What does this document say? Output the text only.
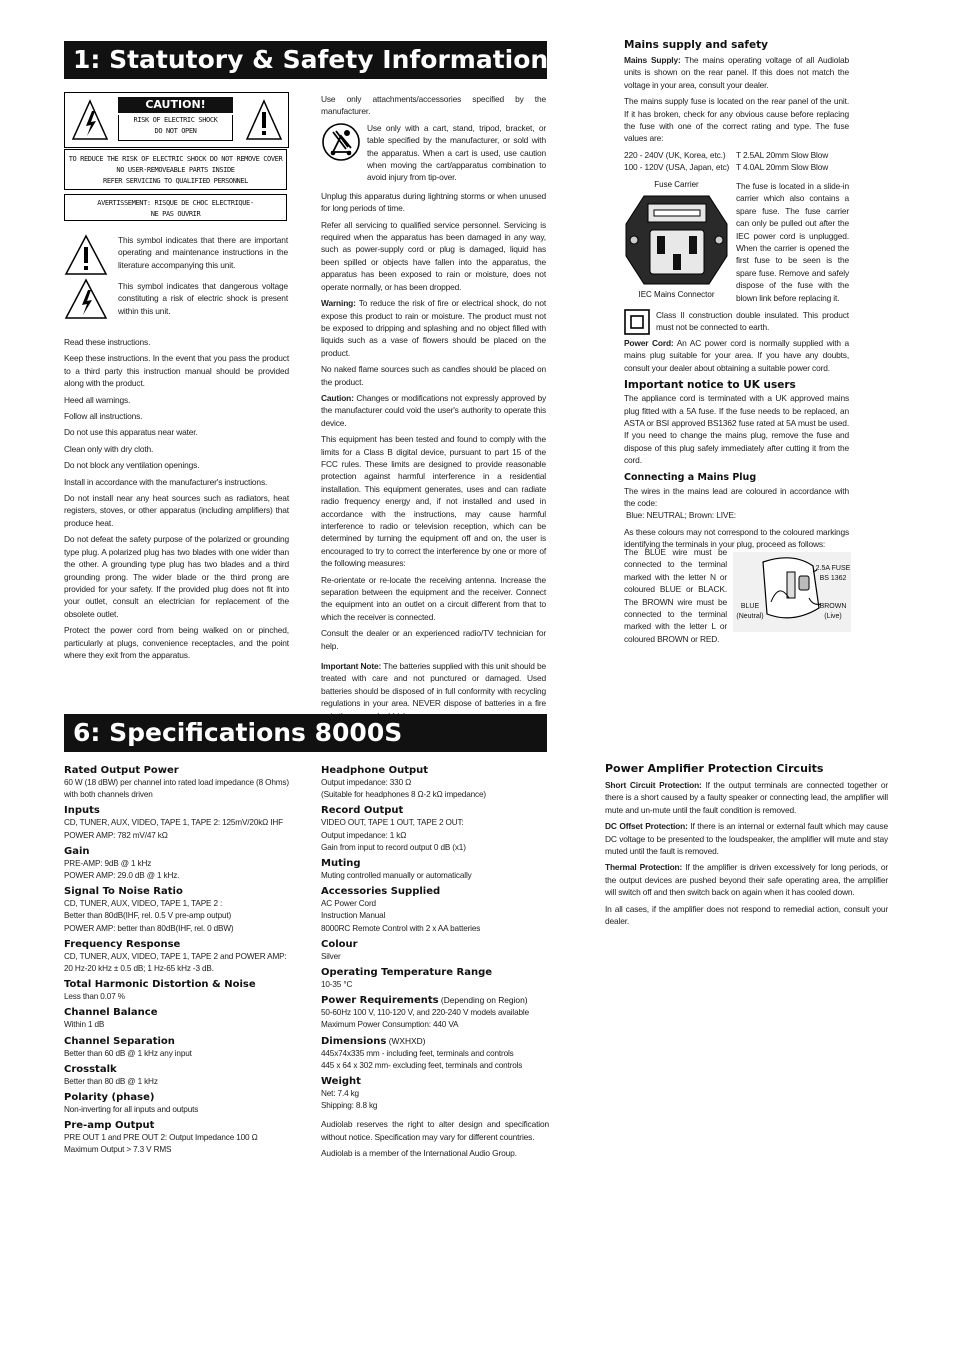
1: Statutory & Safety Information
CAUTION!
RISK OF ELECTRIC SHOCK
DO NOT OPEN
TO REDUCE THE RISK OF ELECTRIC SHOCK DO NOT REMOVE COVER
NO USER-REMOVEABLE PARTS INSIDE
REFER SERVICING TO QUALIFIED PERSONNEL
AVERTISSEMENT: RISQUE DE CHOC ELECTRIQUE-
NE PAS OUVRIR

This symbol indicates that there are important operating and maintenance instructions in the literature accompanying this unit.

This symbol indicates that dangerous voltage constituting a risk of electric shock is present within this unit.

Read these instructions.

Keep these instructions. In the event that you pass the product to a third party this instruction manual should be provided along with the product.

Heed all warnings.

Follow all instructions.

Do not use this apparatus near water.

Clean only with dry cloth.

Do not block any ventilation openings.

Install in accordance with the manufacturer's instructions.

Do not install near any heat sources such as radiators, heat registers, stoves, or other apparatus (including amplifiers) that produce heat.

Do not defeat the safety purpose of the polarized or grounding type plug. A polarized plug has two blades with one wider than the other. A grounding type plug has two blades and a third grounding prong. The wider blade or the third prong are provided for your safety. If the provided plug does not fit into your outlet, consult an electrician for replacement of the obsolete outlet.

Protect the power cord from being walked on or pinched, particularly at plugs, convenience receptacles, and the point where they exit from the apparatus.

Use only attachments/accessories specified by the manufacturer.

Use only with a cart, stand, tripod, bracket, or table specified by the manufacturer, or sold with the apparatus. When a cart is used, use caution when moving the cart/apparatus combination to avoid injury from tip-over.

Unplug this apparatus during lightning storms or when unused for long periods of time.

Refer all servicing to qualified service personnel. Servicing is required when the apparatus has been damaged in any way, such as power-supply cord or plug is damaged, liquid has been spilled or objects have fallen into the apparatus, the apparatus has been exposed to rain or moisture, does not operate normally, or has been dropped.

Warning: To reduce the risk of fire or electrical shock, do not expose this product to rain or moisture. The product must not be exposed to dripping and splashing and no object filled with liquids such as a vase of flowers should be placed on the product.

No naked flame sources such as candles should be placed on the product.

Caution: Changes or modifications not expressly approved by the manufacturer could void the user's authority to operate this device.

This equipment has been tested and found to comply with the limits for a Class B digital device, pursuant to part 15 of the FCC rules. These limits are designed to provide reasonable protection against harmful interference in a residential installation. This equipment generates, uses and can radiate radio frequency energy and, if not installed and used in accordance with the instructions, may cause harmful interference to radio or television reception, which can be determined by turning the equipment off and on, the user is encouraged to try to correct the interference by one or more of the following measures:

Re-orientate or re-locate the receiving antenna. Increase the separation between the equipment and the receiver. Connect the equipment into an outlet on a circuit different from that to which the receiver is connected.

Consult the dealer or an experienced radio/TV technician for help.

Important Note: The batteries supplied with this unit should be treated with care and not punctured or damaged. Used batteries should be disposed of in full conformity with recycling regulations in your area. NEVER dispose of batteries in a fire

Mains supply and safety

Mains Supply: The mains operating voltage of all Audiolab units is shown on the rear panel. If this does not match the voltage in your area, consult your dealer.

The mains supply fuse is located on the rear panel of the unit. If it has broken, check for any obvious cause before replacing the fuse with one of the correct rating and type. The fuse values are:

220 - 240V (UK, Korea, etc.)	T 2.5AL 20mm Slow Blow
100 - 120V (USA, Japan, etc) T 4.0AL 20mm Slow Blow
Fuse Carrier
IEC Mains Connector

The fuse is located in a slide-in carrier which also contains a spare fuse. The fuse carrier can only be pulled out after the IEC power cord is unplugged. When the carrier is opened the first fuse to be seen is the spare fuse. Remove and safely dispose of the fuse with the blown link before replacing it.

Class II construction double insulated. This product must not be connected to earth.

Power Cord: An AC power cord is normally supplied with a mains plug suitable for your area. If you have any doubts, consult your dealer about obtaining a suitable power cord.

Important notice to UK users

The appliance cord is terminated with a UK approved mains plug fitted with a 5A fuse. If the fuse needs to be replaced, an ASTA or BSI approved BS1362 fuse rated at 5A must be used. If you need to change the mains plug, remove the fuse and dispose of this plug safely immediately after cutting it from the cord.

Connecting a Mains Plug

The wires in the mains lead are coloured in accordance with the code:

Blue: NEUTRAL; Brown: LIVE:

As these colours may not correspond to the coloured markings identifying the terminals in your plug, proceed as follows:

The BLUE wire must be connected to the terminal marked with the letter N or coloured BLUE or BLACK. The BROWN wire must be connected to the terminal marked with the letter L or coloured BROWN or RED.

2.5A FUSE
BS 1362
BLUE
(Neutral)
BROWN
(Live)
6: Specifications 8000S
Rated Output Power
60 W (18 dBW) per channel into rated load impedance (8 Ohms) with both channels driven
Inputs
CD, TUNER, AUX, VIDEO, TAPE 1, TAPE 2: 125mV/20kΩ IHF
POWER AMP: 782 mV/47 kΩ
Gain
PRE-AMP: 9dB @ 1 kHz
POWER AMP: 29.0 dB @ 1 kHz.
Signal To Noise Ratio
CD, TUNER, AUX, VIDEO, TAPE 1, TAPE 2 :
Better than 80dB(IHF, rel. 0.5 V pre-amp output)
POWER AMP: better than 80dB(IHF, rel. 0 dBW)
Frequency Response
CD, TUNER, AUX, VIDEO, TAPE 1, TAPE 2 and POWER AMP:
20 Hz-20 kHz ± 0.5 dB; 1 Hz-65 kHz -3 dB.
Total Harmonic Distortion & Noise
Less than 0.07 %
Channel Balance
Within 1 dB
Channel Separation
Better than 60 dB @ 1 kHz any input
Crosstalk
Better than 80 dB @ 1 kHz
Polarity (phase)
Non-inverting for all inputs and outputs
Pre-amp Output
PRE OUT 1 and PRE OUT 2: Output Impedance 100 Ω
Maximum Output > 7.3 V RMS
Headphone Output
Output impedance: 330 Ω
(Suitable for headphones 8 Ω-2 kΩ impedance)
Record Output
VIDEO OUT, TAPE 1 OUT, TAPE 2 OUT:
Output impedance: 1 kΩ
Gain from input to record output 0 dB (x1)
Muting
Muting controlled manually or automatically
Accessories Supplied
AC Power Cord
Instruction Manual
8000RC Remote Control with 2 x AA batteries
Colour
Silver
Operating Temperature Range
10-35 °C
Power Requirements (Depending on Region)
50-60Hz 100 V, 110-120 V, and 220-240 V models available
Maximum Power Consumption: 440 VA
Dimensions (WXHXD)
445x74x335 mm - including feet, terminals and controls
445 x 64 x 302 mm- excluding feet, terminals and controls
Weight
Net: 7.4 kg
Shipping: 8.8 kg

Audiolab reserves the right to alter design and specification without notice. Specification may vary for different countries.

Audiolab is a member of the International Audio Group.

Power Amplifier Protection Circuits

Short Circuit Protection: If the output terminals are connected together or there is a short caused by a faulty speaker or connecting lead, the amplifier will mute and un-mute until the fault condition is removed.

DC Offset Protection: If there is an internal or external fault which may cause DC voltage to be presented to the loudspeaker, the amplifier will mute and stay muted until the fault is removed.

Thermal Protection: If the amplifier is driven excessively for long periods, or the output devices are pushed beyond their safe operating area, the amplifier will switch off and then switch back on again when it has cooled down.

In all cases, if the amplifier does not respond to remedial action, consult your dealer.
